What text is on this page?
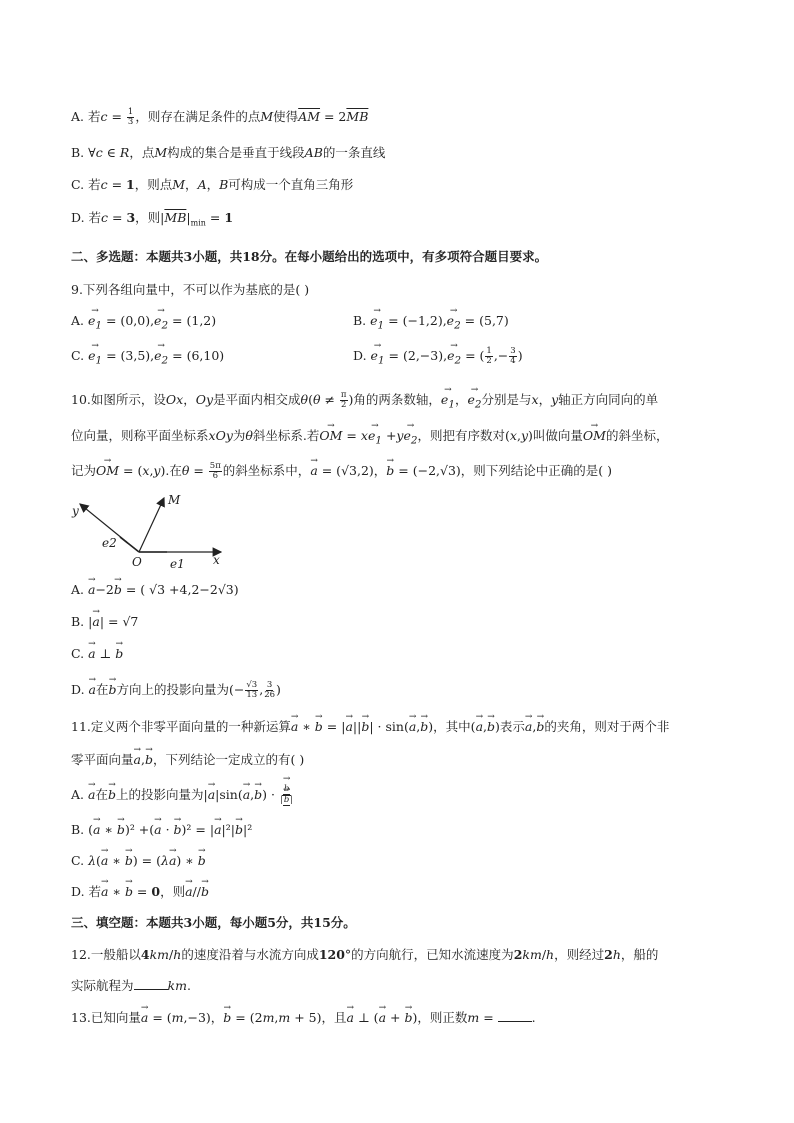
A. 若$c = \frac{1}{3}$ ，则存在满足条件的点M使得$\overline{AM} = 2\overline{MB}$
B. ∀c ∈ R，点M构成的集合是垂直于线段AB的一条直线
C. 若c = 1，则点M，A，B可构成一个直角三角形
D. 若c = 3，则$|\overline{MB}|_{min} = 1$
二、多选题：本题共3小题，共18分。在每小题给出的选项中，有多项符合题目要求。
9.下列各组向量中，不可以作为基底的是( )
A. → $e_1 = (0,0),\to e_2 = (1,2)$	B. → $e_1 = (-1,2),\to e_2 = (5,7)$
C. → $e_1 = (3,5),\to e_2 = (6,10)$	D. → $e_1 = (2,-3),\to e_2$ = ( $\frac{1}{2}$ ,− $\frac{3}{4}$ )
10.如图所示，设Ox，Oy是平面内相交成$\theta(\theta \ne \frac{\pi}{2}$ )角的两条数轴，→ $e_1$，→ $e_2$分别是与x，y轴正方向同向的单
位向量，则称平面坐标系xOy为θ斜坐标系.若→ OM = $x\to e_1 +y\to e_2$，则把有序数对(x,y)叫做向量→ OM的斜坐标，
记为→ OM = (x,y).在$\theta = \frac{5\pi}{6}$ 的斜坐标系中，→ a = (√3,2)，→ b = (−2,√3)，则下列结论中正确的是( )
y
M
e2
O e1 x
A. → a−2→ b = ( √3 +4,2−2√3)
B. |→ a| = √7
C. → a ⊥ → b
D. → a在→ b方向上的投影向量为(− $\frac{√3}{13}$ , $\frac{3}{26}$ )
11.定义两个非零平面向量的一种新运算→ a ∗ → b = |→ a||→ b| · sin(→ a,→ b)，其中(→ a,→ b)表示→ a,→ b的夹角，则对于两个非
零平面向量→ a,→ b，下列结论一定成立的有( )
A. → a在→ b上的投影向量为|→ a|sin(→ a,→ b) · → $\frac{b}{|\to b|}$
B. (→ a ∗ → b)² +(→ a · → b)² = |→ a|²|→ b|²
C. λ(→ a ∗ → b) = (λ→ a) ∗ → b
D. 若→ a ∗ → b = 0，则→ a//→ b
三、填空题：本题共3小题，每小题5分，共15分。
12.一般船以4km/h的速度沿着与水流方向成120°的方向航行，已知水流速度为2km/h，则经过2h，船的
实际航程为	km.
13.已知向量→ a = (m,−3)，→ b = (2m,m + 5)，且→ a ⊥ (→ a + → b)，则正数m =	.
